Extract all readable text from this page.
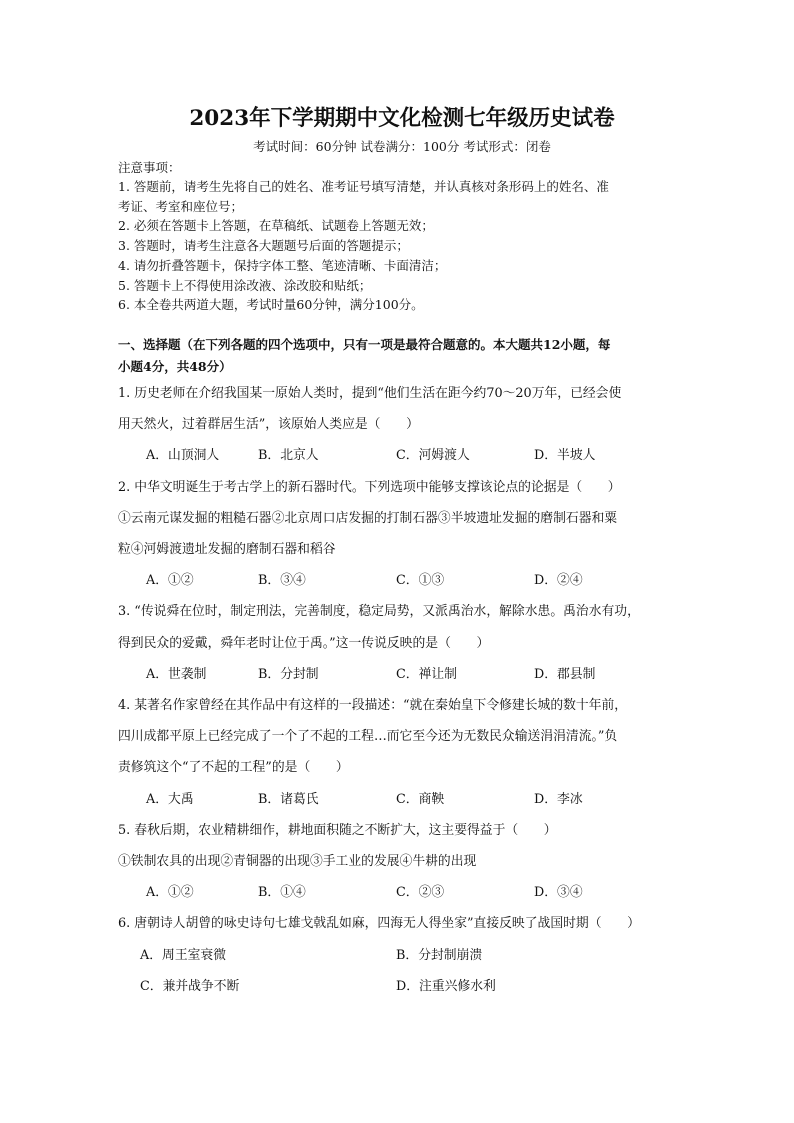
2023年下学期期中文化检测七年级历史试卷
考试时间：60分钟 试卷满分：100分 考试形式：闭卷
注意事项：
1. 答题前，请考生先将自己的姓名、准考证号填写清楚，并认真核对条形码上的姓名、准
考证、考室和座位号；
2. 必须在答题卡上答题，在草稿纸、试题卷上答题无效；
3. 答题时，请考生注意各大题题号后面的答题提示；
4. 请勿折叠答题卡，保持字体工整、笔迹清晰、卡面清洁；
5. 答题卡上不得使用涂改液、涂改胶和贴纸；
6. 本全卷共两道大题，考试时量60分钟，满分100分。
一、选择题（在下列各题的四个选项中，只有一项是最符合题意的。本大题共12小题，每
小题4分，共48分）
1. 历史老师在介绍我国某一原始人类时，提到“他们生活在距今约70～20万年，已经会使
用天然火，过着群居生活”，该原始人类应是（　　）
A．山顶洞人	B．北京人	C．河姆渡人	D．半坡人
2. 中华文明诞生于考古学上的新石器时代。下列选项中能够支撑该论点的论据是（　　）
①云南元谋发掘的粗糙石器②北京周口店发掘的打制石器③半坡遗址发掘的磨制石器和粟
粒④河姆渡遗址发掘的磨制石器和稻谷
A．①②	B．③④	C．①③	D．②④
3. “传说舜在位时，制定刑法，完善制度，稳定局势，又派禹治水，解除水患。禹治水有功，
得到民众的爱戴，舜年老时让位于禹。”这一传说反映的是（　　）
A．世袭制	B．分封制	C．禅让制	D．郡县制
4. 某著名作家曾经在其作品中有这样的一段描述：“就在秦始皇下令修建长城的数十年前，
四川成都平原上已经完成了一个了不起的工程…而它至今还为无数民众输送涓涓清流。”负
责修筑这个“了不起的工程”的是（　　）
A．大禹	B．诸葛氏	C．商鞅	D．李冰
5. 春秋后期，农业精耕细作，耕地面积随之不断扩大，这主要得益于（　　）
①铁制农具的出现②青铜器的出现③手工业的发展④牛耕的出现
A．①②	B．①④	C．②③	D．③④
6. 唐朝诗人胡曾的咏史诗句七雄戈戟乱如麻，四海无人得坐家”直接反映了战国时期（　　）
A．周王室衰微	B．分封制崩溃
C．兼并战争不断	D．注重兴修水利
